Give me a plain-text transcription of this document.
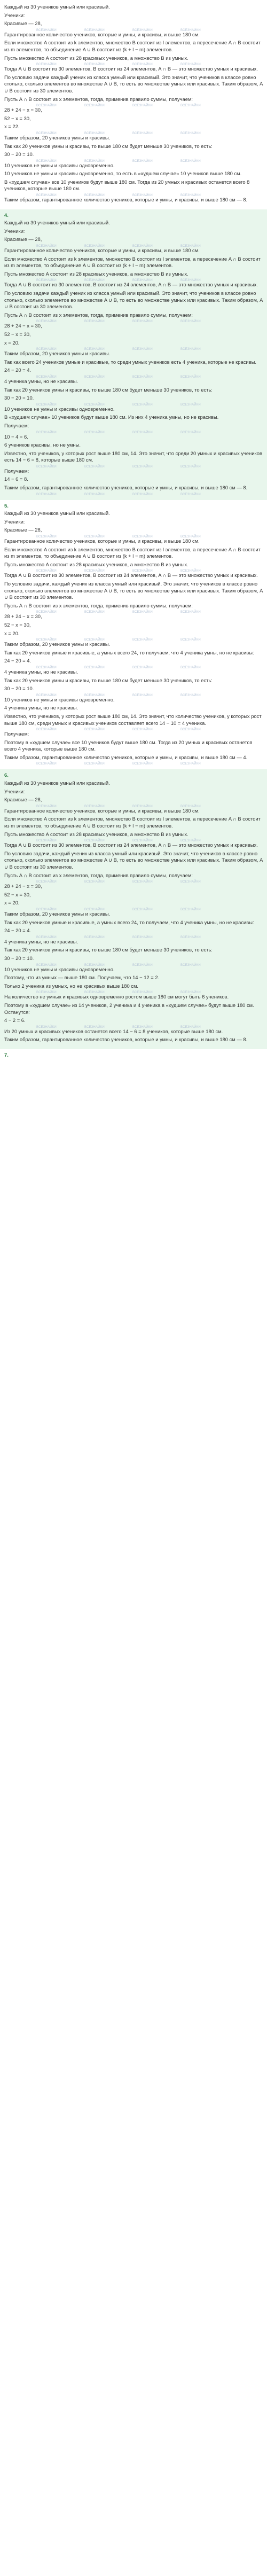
Каждый из 30 учеников умный или красивый.
Ученики:
Красивые — 28,
ВСЕЗНАЙКИ	ВСЕЗНАЙКИ	ВСЕЗНАЙКИ	ВСЕЗНАЙКИ
Гарантированное количество учеников, которые и умны, и красивы, и выше 180 см.
Если множество A состоит из k элементов, множество B состоит из l элементов, а пересечение A ∩ B состоит из m элементов, то объединение A ∪ B состоит из (k + l − m) элементов.
Пусть множество A состоит из 28 красивых учеников, а множество B из умных.
ВСЕЗНАЙКИ	ВСЕЗНАЙКИ	ВСЕЗНАЙКИ	ВСЕЗНАЙКИ
Тогда A ∪ B состоит из 30 элементов, B состоит из 24 элементов, A ∩ B — это множество умных и красивых.
По условию задачи каждый ученик из класса умный или красивый. Это значит, что учеников в классе ровно столько, сколько элементов во множестве A ∪ B, то есть во множестве умных или красивых. Таким образом, A ∪ B состоит из 30 элементов.
Пусть A ∩ B состоит из x элементов, тогда, применив правило суммы, получаем:
ВСЕЗНАЙКИ	ВСЕЗНАЙКИ	ВСЕЗНАЙКИ	ВСЕЗНАЙКИ
28 + 24 − x = 30,
52 − x = 30,
x = 22.
ВСЕЗНАЙКИ	ВСЕЗНАЙКИ	ВСЕЗНАЙКИ	ВСЕЗНАЙКИ
Таким образом, 20 учеников умны и красивы.
Так как 20 учеников умны и красивы, то выше 180 см будет меньше 30 учеников, то есть:
30 − 20 = 10.
ВСЕЗНАЙКИ	ВСЕЗНАЙКИ	ВСЕЗНАЙКИ	ВСЕЗНАЙКИ
10 учеников не умны и красивы одновременно.
10 учеников не умны и красивы одновременно, то есть в «худшем случае» 10 учеников выше 180 см.
В «худшем случае» все 10 учеников будут выше 180 см. Тогда из 20 умных и красивых останется всего 8 учеников, которые выше 180 см.
ВСЕЗНАЙКИ	ВСЕЗНАЙКИ	ВСЕЗНАЙКИ	ВСЕЗНАЙКИ
Таким образом, гарантированное количество учеников, которые и умны, и красивы, и выше 180 см — 8.
4.
Каждый из 30 учеников умный или красивый.
Ученики:
Красивые — 28,
ВСЕЗНАЙКИ	ВСЕЗНАЙКИ	ВСЕЗНАЙКИ	ВСЕЗНАЙКИ
Гарантированное количество учеников, которые и умны, и красивы, и выше 180 см.
Если множество A состоит из k элементов, множество B состоит из l элементов, а пересечение A ∩ B состоит из m элементов, то объединение A ∪ B состоит из (k + l − m) элементов.
Пусть множество A состоит из 28 красивых учеников, а множество B из умных.
ВСЕЗНАЙКИ	ВСЕЗНАЙКИ	ВСЕЗНАЙКИ	ВСЕЗНАЙКИ
Тогда A ∪ B состоит из 30 элементов, B состоит из 24 элементов, A ∩ B — это множество умных и красивых.
По условию задачи каждый ученик из класса умный или красивый. Это значит, что учеников в классе ровно столько, сколько элементов во множестве A ∪ B, то есть во множестве умных или красивых. Таким образом, A ∪ B состоит из 30 элементов.
Пусть A ∩ B состоит из x элементов, тогда, применив правило суммы, получаем:
ВСЕЗНАЙКИ	ВСЕЗНАЙКИ	ВСЕЗНАЙКИ	ВСЕЗНАЙКИ
28 + 24 − x = 30,
52 − x = 30,
x = 20.
ВСЕЗНАЙКИ	ВСЕЗНАЙКИ	ВСЕЗНАЙКИ	ВСЕЗНАЙКИ
Таким образом, 20 учеников умны и красивы.
Так как всего 24 учеников умные и красивые, то среди умных учеников есть 4 ученика, которые не красивы.
24 − 20 = 4.
ВСЕЗНАЙКИ	ВСЕЗНАЙКИ	ВСЕЗНАЙКИ	ВСЕЗНАЙКИ
4 ученика умны, но не красивы.
Так как 20 учеников умны и красивы, то выше 180 см будет меньше 30 учеников, то есть:
30 − 20 = 10.
ВСЕЗНАЙКИ	ВСЕЗНАЙКИ	ВСЕЗНАЙКИ	ВСЕЗНАЙКИ
10 учеников не умны и красивы одновременно.
В «худшем случае» 10 учеников будут выше 180 см. Из них 4 ученика умны, но не красивы.
Получаем:
ВСЕЗНАЙКИ	ВСЕЗНАЙКИ	ВСЕЗНАЙКИ	ВСЕЗНАЙКИ
10 − 4 = 6.
6 учеников красивы, но не умны.
Известно, что учеников, у которых рост выше 180 см, 14. Это значит, что среди 20 умных и красивых учеников есть 14 − 6 = 8, которые выше 180 см.
ВСЕЗНАЙКИ	ВСЕЗНАЙКИ	ВСЕЗНАЙКИ	ВСЕЗНАЙКИ
Получаем:
14 − 6 = 8.
Таким образом, гарантированное количество учеников, которые и умны, и красивы, и выше 180 см — 8.
ВСЕЗНАЙКИ	ВСЕЗНАЙКИ	ВСЕЗНАЙКИ	ВСЕЗНАЙКИ
5.
Каждый из 30 учеников умный или красивый.
Ученики:
Красивые — 28,
ВСЕЗНАЙКИ	ВСЕЗНАЙКИ	ВСЕЗНАЙКИ	ВСЕЗНАЙКИ
Гарантированное количество учеников, которые и умны, и красивы, и выше 180 см.
Если множество A состоит из k элементов, множество B состоит из l элементов, а пересечение A ∩ B состоит из m элементов, то объединение A ∪ B состоит из (k + l − m) элементов.
Пусть множество A состоит из 28 красивых учеников, а множество B из умных.
ВСЕЗНАЙКИ	ВСЕЗНАЙКИ	ВСЕЗНАЙКИ	ВСЕЗНАЙКИ
Тогда A ∪ B состоит из 30 элементов, B состоит из 24 элементов, A ∩ B — это множество умных и красивых.
По условию задачи, каждый ученик из класса умный или красивый. Это значит, что учеников в классе ровно столько, сколько элементов во множестве A ∪ B, то есть во множестве умных или красивых. Таким образом, A ∪ B состоит из 30 элементов.
Пусть A ∩ B состоит из x элементов, тогда, применив правило суммы, получаем:
ВСЕЗНАЙКИ	ВСЕЗНАЙКИ	ВСЕЗНАЙКИ	ВСЕЗНАЙКИ
28 + 24 − x = 30,
52 − x = 30,
x = 20.
ВСЕЗНАЙКИ	ВСЕЗНАЙКИ	ВСЕЗНАЙКИ	ВСЕЗНАЙКИ
Таким образом, 20 учеников умны и красивы.
Так как 20 учеников умные и красивые, а умных всего 24, то получаем, что 4 ученика умны, но не красивы:
24 − 20 = 4.
ВСЕЗНАЙКИ	ВСЕЗНАЙКИ	ВСЕЗНАЙКИ	ВСЕЗНАЙКИ
4 ученика умны, но не красивы.
Так как 20 учеников умны и красивы, то выше 180 см будет меньше 30 учеников, то есть:
30 − 20 = 10.
ВСЕЗНАЙКИ	ВСЕЗНАЙКИ	ВСЕЗНАЙКИ	ВСЕЗНАЙКИ
10 учеников не умны и красивы одновременно.
4 ученика умны, но не красивы.
Известно, что учеников, у которых рост выше 180 см, 14. Это значит, что количество учеников, у которых рост выше 180 см, среди умных и красивых учеников составляет всего 14 − 10 = 4 ученика.
ВСЕЗНАЙКИ	ВСЕЗНАЙКИ	ВСЕЗНАЙКИ	ВСЕЗНАЙКИ
Получаем:
Поэтому в «худшем случае» все 10 учеников будут выше 180 см. Тогда из 20 умных и красивых останется всего 4 ученика, которые выше 180 см.
Таким образом, гарантированное количество учеников, которые и умны, и красивы, и выше 180 см — 4.
ВСЕЗНАЙКИ	ВСЕЗНАЙКИ	ВСЕЗНАЙКИ	ВСЕЗНАЙКИ
6.
Каждый из 30 учеников умный или красивый.
Ученики:
Красивые — 28,
ВСЕЗНАЙКИ	ВСЕЗНАЙКИ	ВСЕЗНАЙКИ	ВСЕЗНАЙКИ
Гарантированное количество учеников, которые и умны, и красивы, и выше 180 см.
Если множество A состоит из k элементов, множество B состоит из l элементов, а пересечение A ∩ B состоит из m элементов, то объединение A ∪ B состоит из (k + l − m) элементов.
Пусть множество A состоит из 28 красивых учеников, а множество B из умных.
ВСЕЗНАЙКИ	ВСЕЗНАЙКИ	ВСЕЗНАЙКИ	ВСЕЗНАЙКИ
Тогда A ∪ B состоит из 30 элементов, B состоит из 24 элементов, A ∩ B — это множество умных и красивых.
По условию задачи, каждый ученик из класса умный или красивый. Это значит, что учеников в классе ровно столько, сколько элементов во множестве A ∪ B, то есть во множестве умных или красивых. Таким образом, A ∪ B состоит из 30 элементов.
Пусть A ∩ B состоит из x элементов, тогда, применив правило суммы, получаем:
ВСЕЗНАЙКИ	ВСЕЗНАЙКИ	ВСЕЗНАЙКИ	ВСЕЗНАЙКИ
28 + 24 − x = 30,
52 − x = 30,
x = 20.
ВСЕЗНАЙКИ	ВСЕЗНАЙКИ	ВСЕЗНАЙКИ	ВСЕЗНАЙКИ
Таким образом, 20 учеников умны и красивы.
Так как 20 учеников умные и красивые, а умных всего 24, то получаем, что 4 ученика умны, но не красивы:
24 − 20 = 4.
ВСЕЗНАЙКИ	ВСЕЗНАЙКИ	ВСЕЗНАЙКИ	ВСЕЗНАЙКИ
4 ученика умны, но не красивы.
Так как 20 учеников умны и красивы, то выше 180 см будет меньше 30 учеников, то есть:
30 − 20 = 10.
ВСЕЗНАЙКИ	ВСЕЗНАЙКИ	ВСЕЗНАЙКИ	ВСЕЗНАЙКИ
10 учеников не умны и красивы одновременно.
Поэтому, что из умных — выше 180 см. Получаем, что 14 − 12 = 2.
Только 2 ученика из умных, но не красивых выше 180 см.
ВСЕЗНАЙКИ	ВСЕЗНАЙКИ	ВСЕЗНАЙКИ	ВСЕЗНАЙКИ
На количество не умных и красивых одновременно ростом выше 180 см могут быть 6 учеников.
Поэтому в «худшем случае» из 14 учеников, 2 ученика и 4 ученика в «худшем случае» будут выше 180 см. Останутся:
4 − 2 = 6.
ВСЕЗНАЙКИ	ВСЕЗНАЙКИ	ВСЕЗНАЙКИ	ВСЕЗНАЙКИ
Из 20 умных и красивых учеников останется всего 14 − 6 = 8 учеников, которые выше 180 см.
Таким образом, гарантированное количество учеников, которые и умны, и красивы, и выше 180 см — 8.
7.
